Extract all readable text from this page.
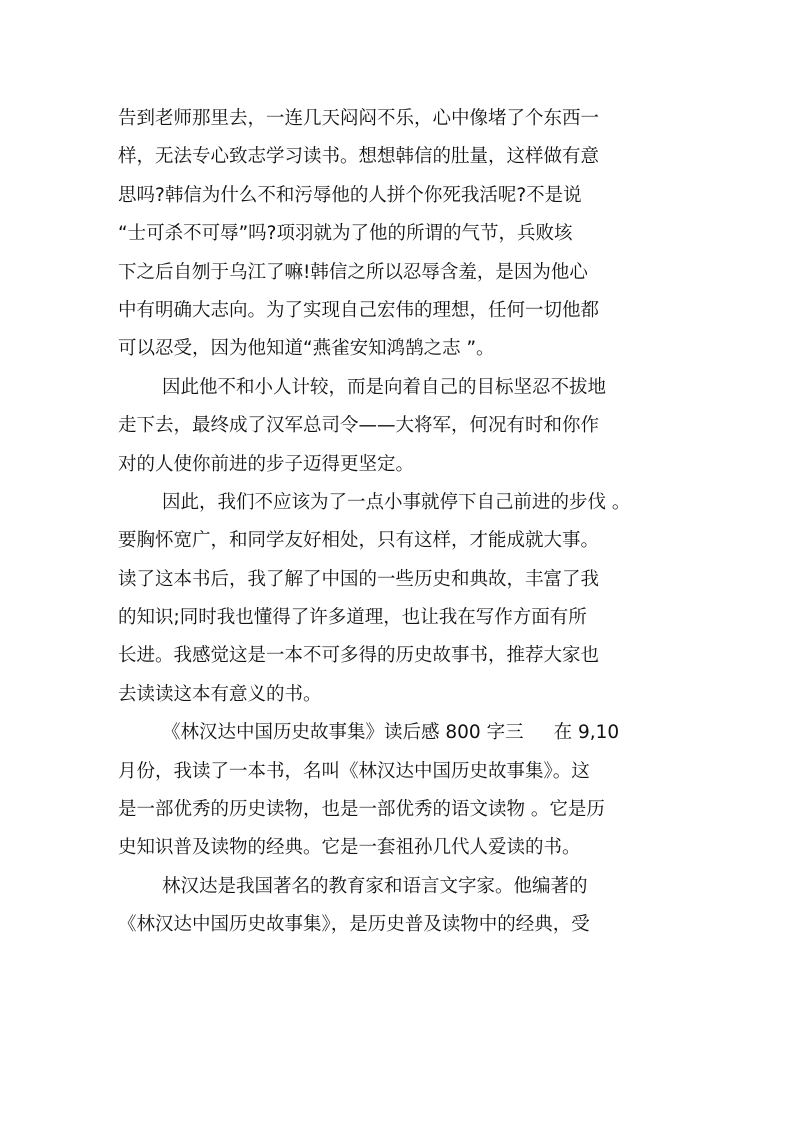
告到老师那里去，一连几天闷闷不乐，心中像堵了个东西一
样，无法专心致志学习读书。想想韩信的肚量，这样做有意
思吗?韩信为什么不和污辱他的人拼个你死我活呢?不是说
“士可杀不可辱”吗?项羽就为了他的所谓的气节，兵败垓
下之后自刎于乌江了嘛!韩信之所以忍辱含羞，是因为他心
中有明确大志向。为了实现自己宏伟的理想，任何一切他都
可以忍受，因为他知道“燕雀安知鸿鹄之志 ”。
因此他不和小人计较，而是向着自己的目标坚忍不拔地
走下去，最终成了汉军总司令——大将军，何况有时和你作
对的人使你前进的步子迈得更坚定。
因此，我们不应该为了一点小事就停下自己前进的步伐 。
要胸怀宽广，和同学友好相处，只有这样，才能成就大事。
读了这本书后，我了解了中国的一些历史和典故，丰富了我
的知识;同时我也懂得了许多道理，也让我在写作方面有所
长进。我感觉这是一本不可多得的历史故事书，推荐大家也
去读读这本有意义的书。
《林汉达中国历史故事集》读后感 800 字三 在 9,10
月份，我读了一本书，名叫《林汉达中国历史故事集》。这
是一部优秀的历史读物，也是一部优秀的语文读物 。它是历
史知识普及读物的经典。它是一套祖孙几代人爱读的书。
林汉达是我国著名的教育家和语言文字家。他编著的
《林汉达中国历史故事集》，是历史普及读物中的经典，受
